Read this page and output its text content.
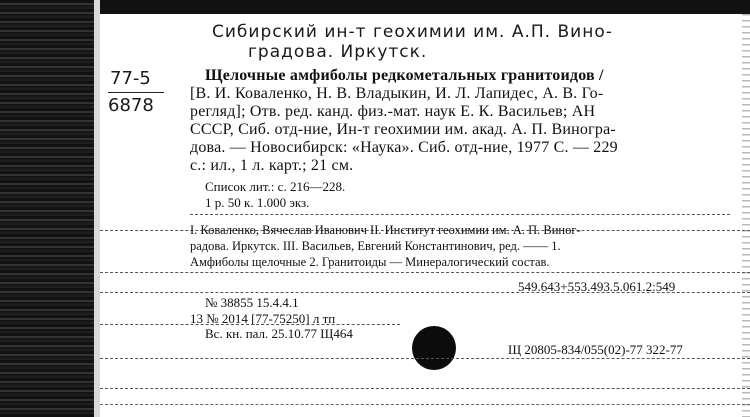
Сибирский ин-т геохимии им. А.П. Вино-
градова. Иркутск.
77-5
6878
Щелочные амфиболы редкометальных гранитоидов /
[В. И. Коваленко, Н. В. Владыкин, И. Л. Лапидес, А. В. Го-
регляд]; Отв. ред. канд. физ.-мат. наук Е. К. Васильев; АН
СССР, Сиб. отд-ние, Ин-т геохимии им. акад. А. П. Виногра-
дова. — Новосибирск: «Наука». Сиб. отд-ние, 1977 С. — 229
с.: ил., 1 л. карт.; 21 см.
Список лит.: с. 216—228.
1 р. 50 к. 1.000 экз.
I. Коваленко, Вячеслав Иванович II. Институт геохимии им. А. П. Виног-
радова. Иркутск. III. Васильев, Евгений Константинович, ред. —— 1.
Амфиболы щелочные 2. Гранитоиды — Минералогический состав.
549.643+553.493.5.061.2:549
№ 38855 15.4.4.1
13 № 2014 [77-75250] л тп
Вс. кн. пал. 25.10.77 Щ464
Щ 20805-834/055(02)-77 322-77
